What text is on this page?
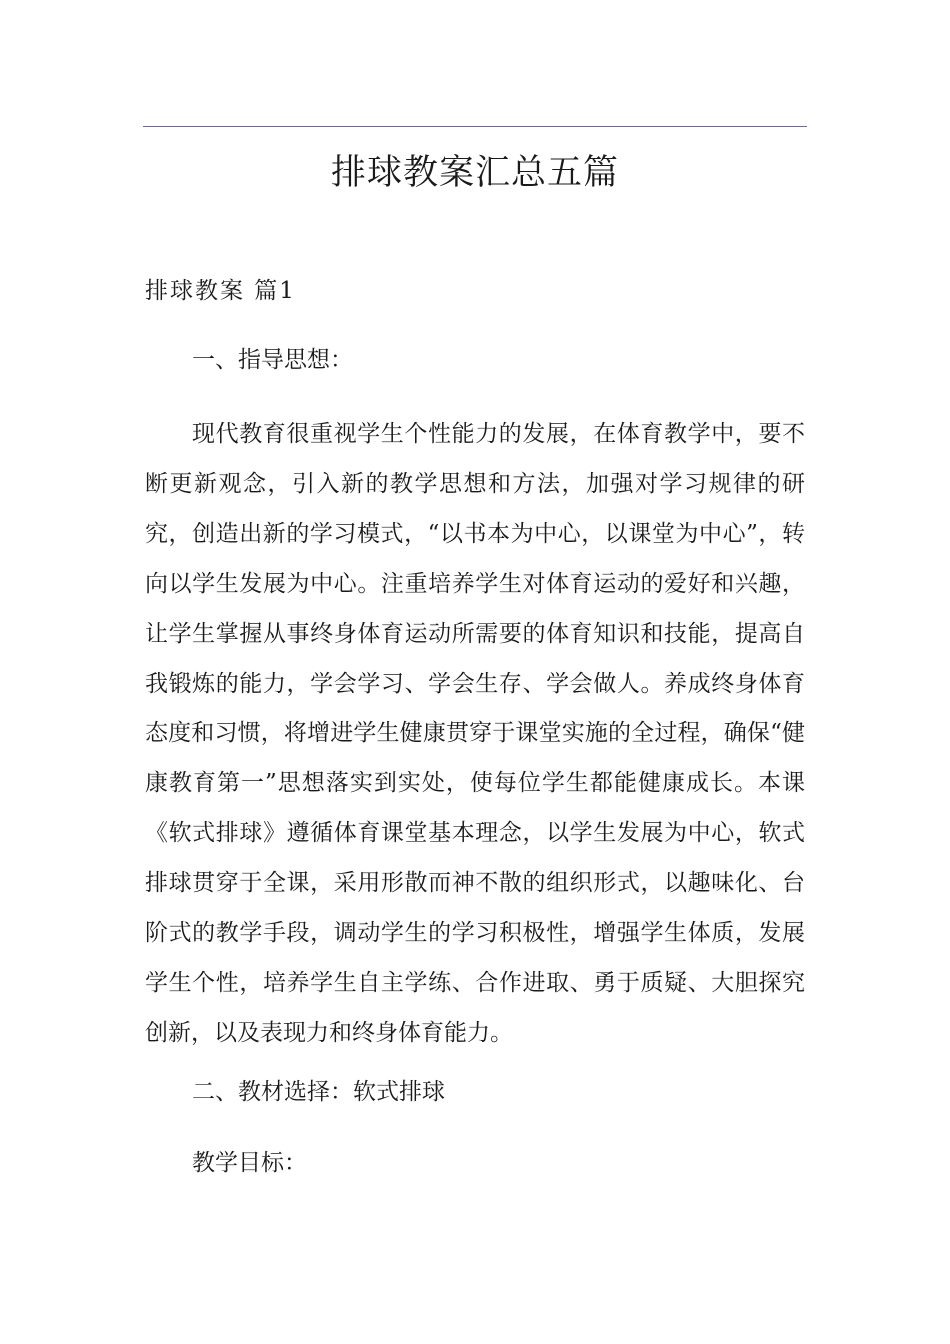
排球教案汇总五篇
排球教案 篇1

一、指导思想：

现代教育很重视学生个性能力的发展，在体育教学中，要不断更新观念，引入新的教学思想和方法，加强对学习规律的研究，创造出新的学习模式，“以书本为中心，以课堂为中心”，转向以学生发展为中心。注重培养学生对体育运动的爱好和兴趣，让学生掌握从事终身体育运动所需要的体育知识和技能，提高自我锻炼的能力，学会学习、学会生存、学会做人。养成终身体育态度和习惯，将增进学生健康贯穿于课堂实施的全过程，确保“健康教育第一”思想落实到实处，使每位学生都能健康成长。本课《软式排球》遵循体育课堂基本理念，以学生发展为中心，软式排球贯穿于全课，采用形散而神不散的组织形式，以趣味化、台阶式的教学手段，调动学生的学习积极性，增强学生体质，发展学生个性，培养学生自主学练、合作进取、勇于质疑、大胆探究创新，以及表现力和终身体育能力。

二、教材选择：软式排球

教学目标：
